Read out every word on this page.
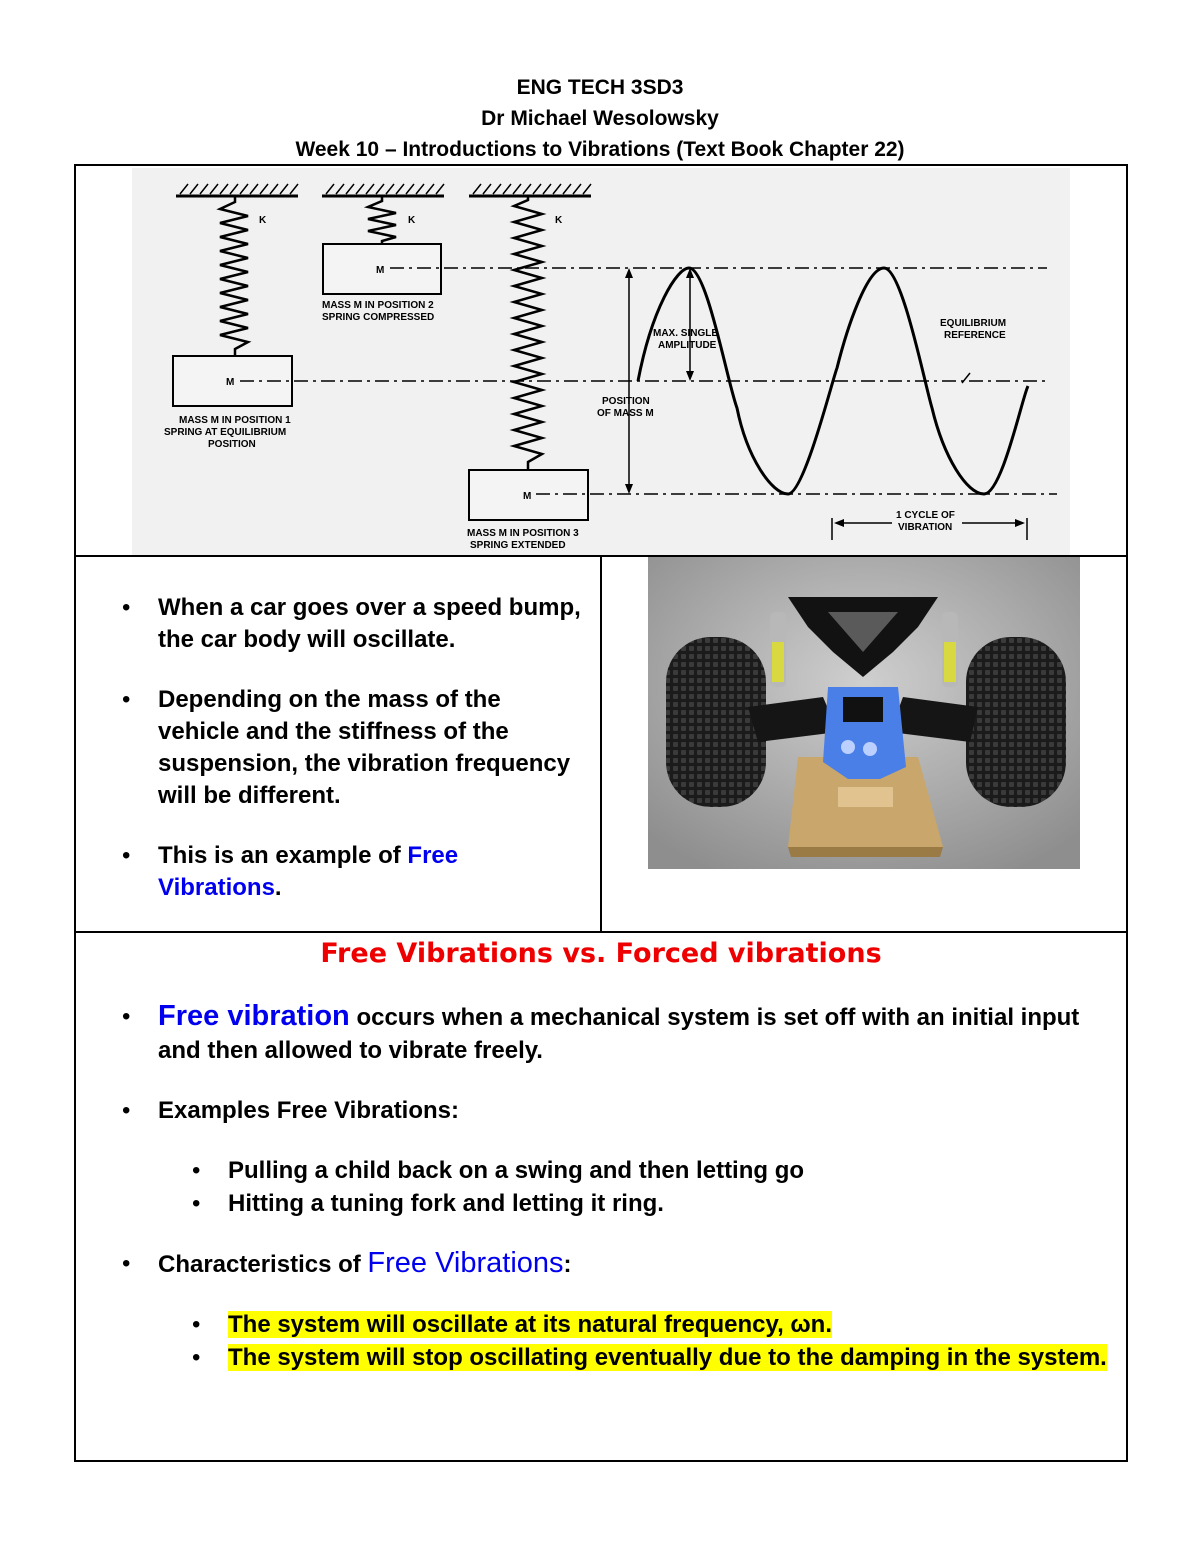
ENG TECH 3SD3
Dr Michael Wesolowsky
Week 10 – Introductions to Vibrations (Text Book Chapter 22)
K	K	K
M
M
M
MASS M IN POSITION 1
SPRING AT EQUILIBRIUM
POSITION
MASS M IN POSITION 2
SPRING COMPRESSED
MASS M IN POSITION 3
SPRING EXTENDED
MAX. SINGLE
AMPLITUDE
POSITION
OF MASS M
EQUILIBRIUM
REFERENCE
1 CYCLE OF
VIBRATION
• When a car goes over a speed bump, the car body will oscillate.
• Depending on the mass of the vehicle and the stiffness of the suspension, the vibration frequency will be different.
• This is an example of Free Vibrations.
Free Vibrations vs. Forced vibrations
• Free vibration occurs when a mechanical system is set off with an initial input and then allowed to vibrate freely.
• Examples Free Vibrations:
• Pulling a child back on a swing and then letting go
• Hitting a tuning fork and letting it ring.
• Characteristics of Free Vibrations:
• The system will oscillate at its natural frequency, ωn.
• The system will stop oscillating eventually due to the damping in the system.
